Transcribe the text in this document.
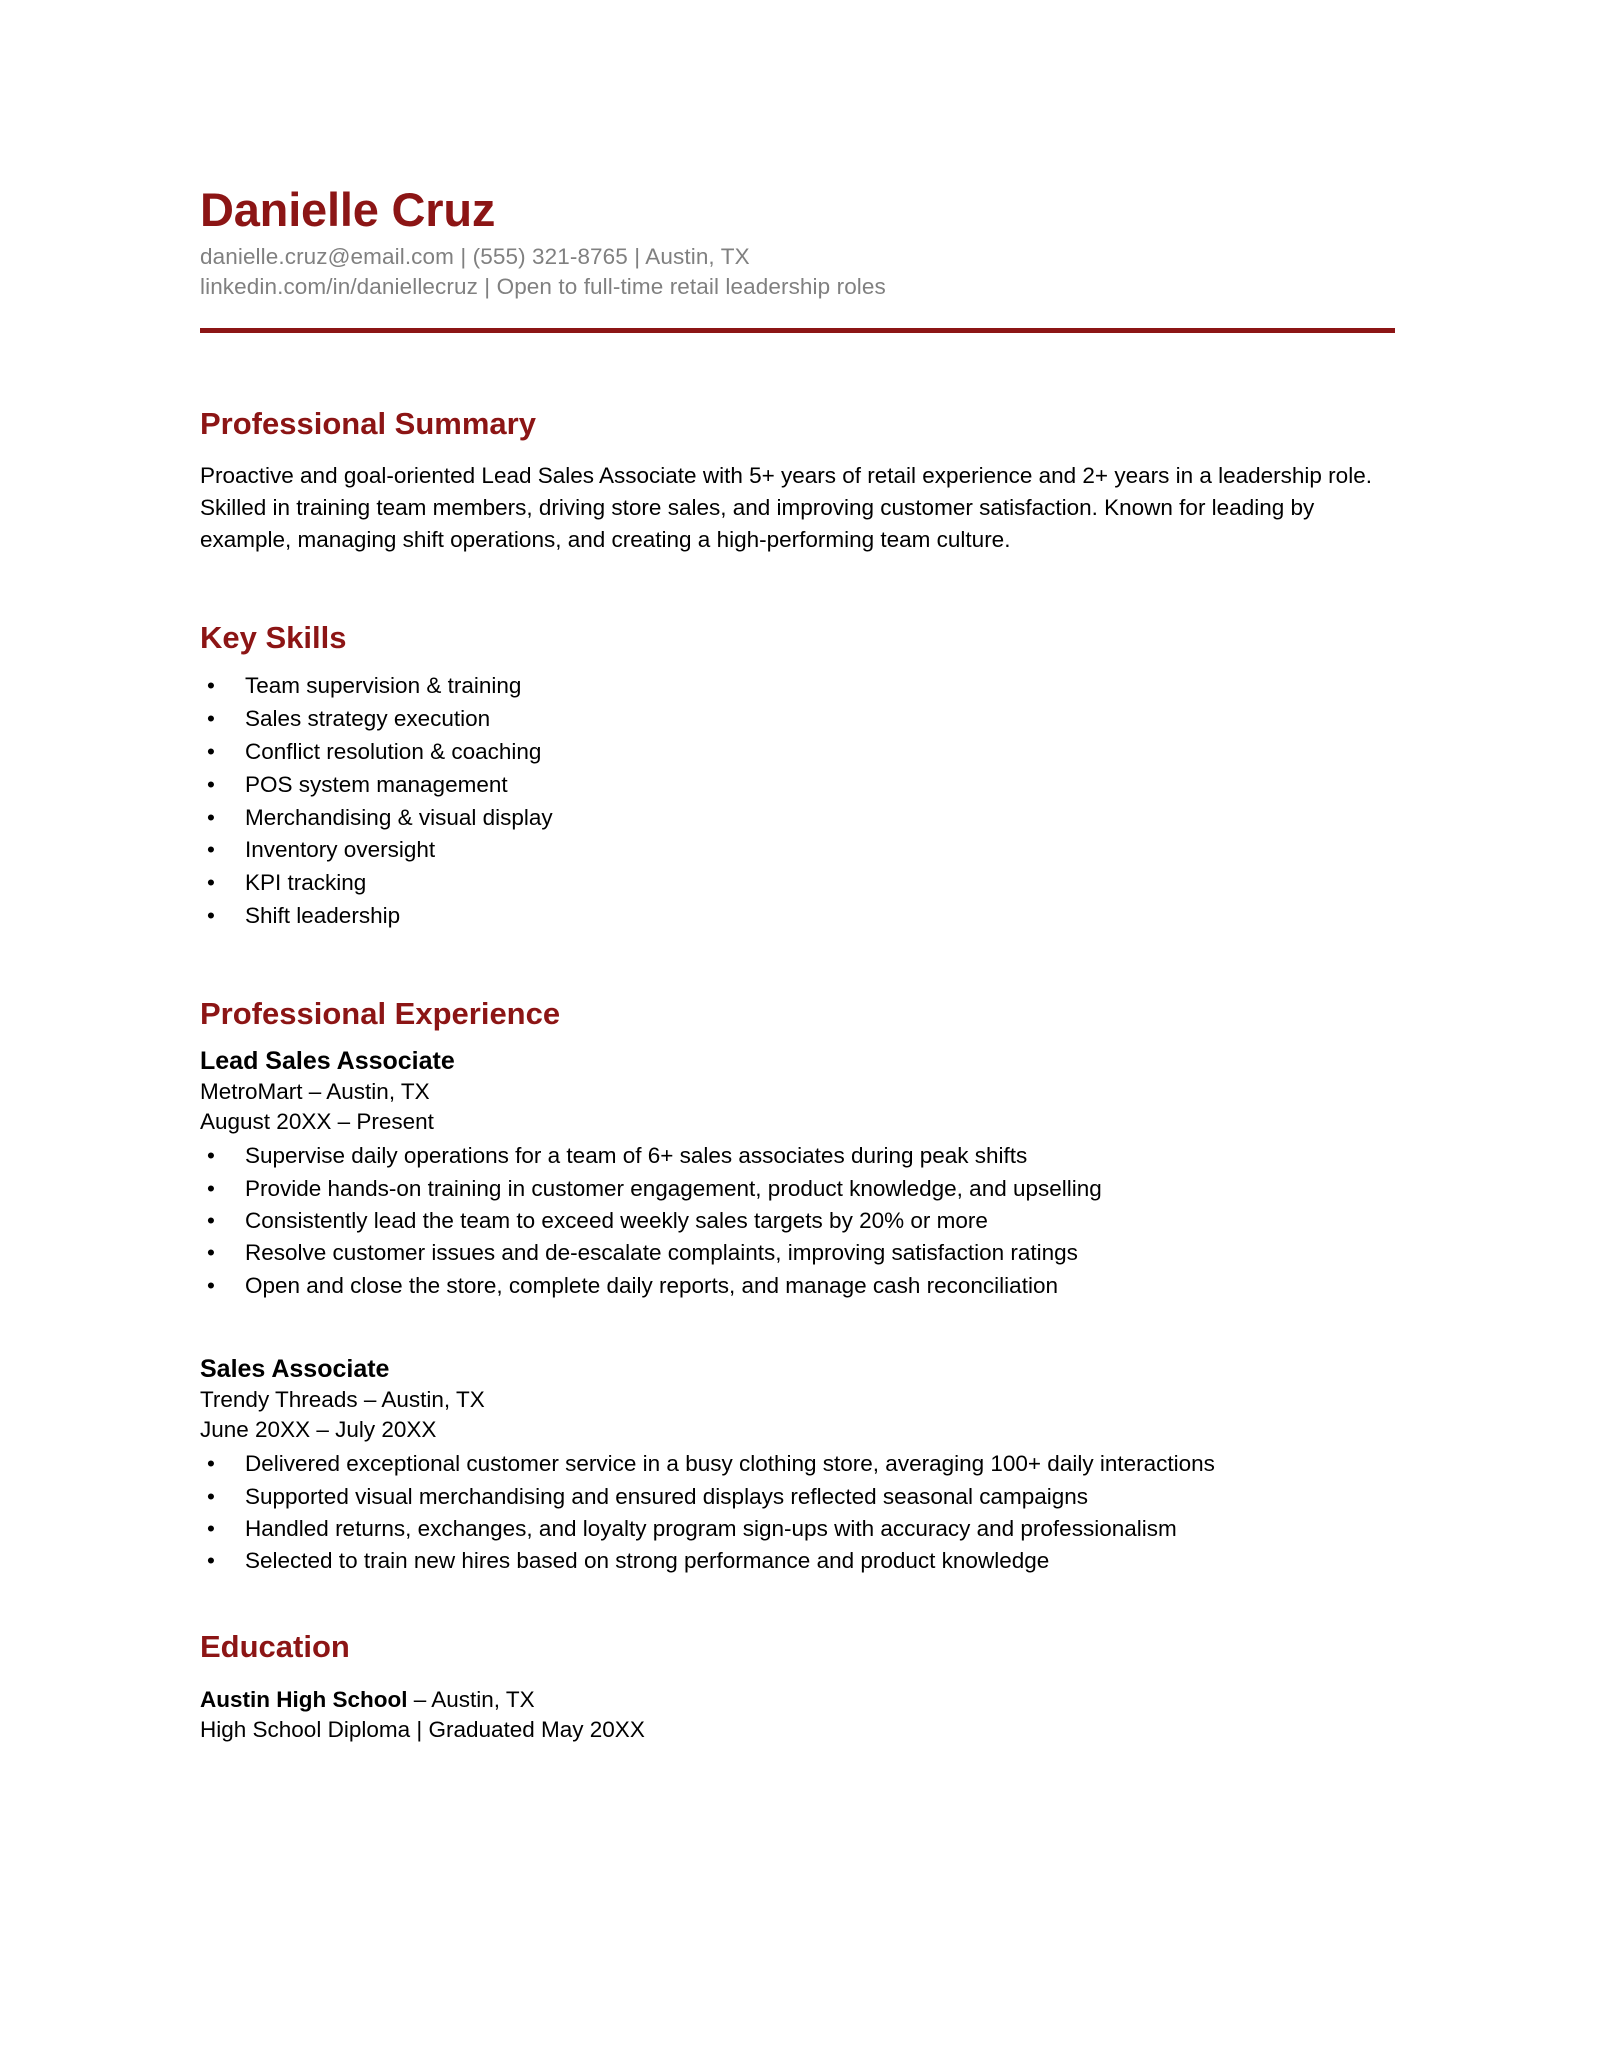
Danielle Cruz
danielle.cruz@email.com | (555) 321-8765 | Austin, TX
linkedin.com/in/daniellecruz | Open to full-time retail leadership roles
Professional Summary

Proactive and goal-oriented Lead Sales Associate with 5+ years of retail experience and 2+ years in a leadership role. Skilled in training team members, driving store sales, and improving customer satisfaction. Known for leading by example, managing shift operations, and creating a high-performing team culture.

Key Skills
• Team supervision & training
• Sales strategy execution
• Conflict resolution & coaching
• POS system management
• Merchandising & visual display
• Inventory oversight
• KPI tracking
• Shift leadership
Professional Experience
Lead Sales Associate
MetroMart – Austin, TX
August 20XX – Present
• Supervise daily operations for a team of 6+ sales associates during peak shifts
• Provide hands-on training in customer engagement, product knowledge, and upselling
• Consistently lead the team to exceed weekly sales targets by 20% or more
• Resolve customer issues and de-escalate complaints, improving satisfaction ratings
• Open and close the store, complete daily reports, and manage cash reconciliation
Sales Associate
Trendy Threads – Austin, TX
June 20XX – July 20XX
• Delivered exceptional customer service in a busy clothing store, averaging 100+ daily interactions
• Supported visual merchandising and ensured displays reflected seasonal campaigns
• Handled returns, exchanges, and loyalty program sign-ups with accuracy and professionalism
• Selected to train new hires based on strong performance and product knowledge
Education
Austin High School – Austin, TX
High School Diploma | Graduated May 20XX
